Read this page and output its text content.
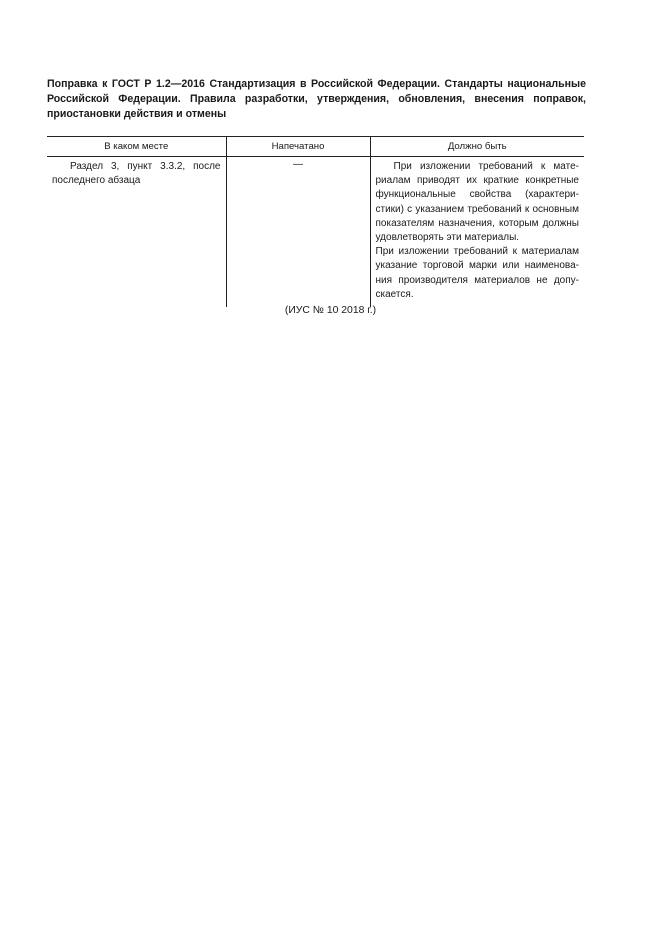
Поправка к ГОСТ Р 1.2—2016 Стандартизация в Российской Федерации. Стандарты национальные Российской Федерации. Правила разработки, утверждения, обновления, внесения поправок, приостановки действия и отмены

В каком месте	Напечатано	Должно быть
Раздел 3, пункт 3.3.2, после последнего абзаца	—	При изложении требований к материалам приводят их краткие конкретные функциональные свойства (характеристики) с указанием требований к основным показателям назначения, которым должны удовлетворять эти материалы.

При изложении требований к материалам указание торговой марки или наименования производителя материалов не допускается.

(ИУС № 10 2018 г.)
